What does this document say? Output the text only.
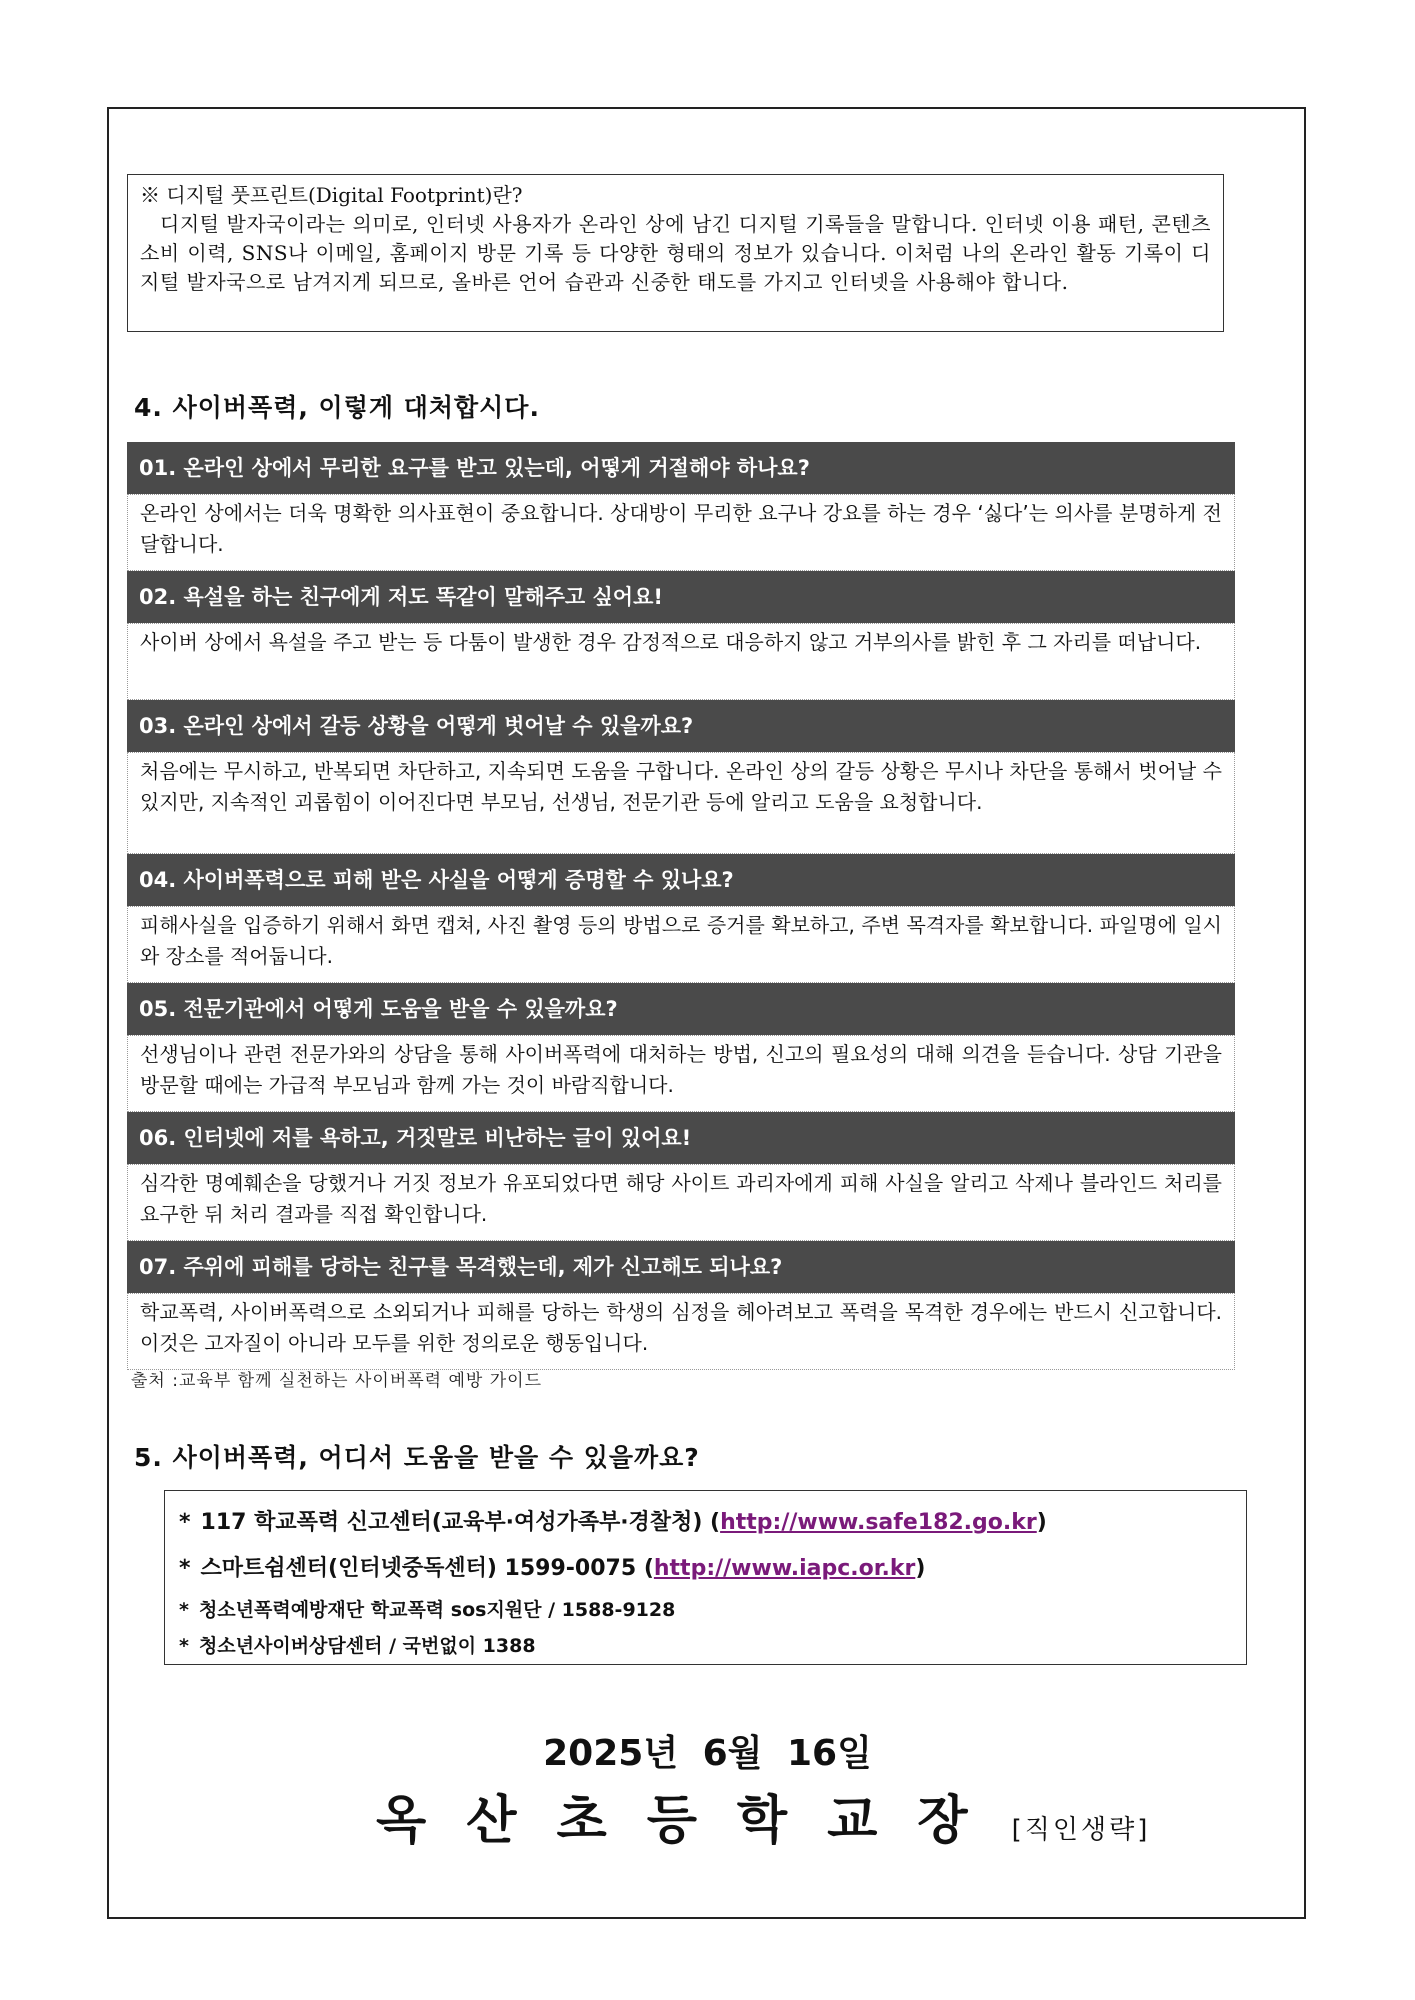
※ 디지털 풋프린트(Digital Footprint)란?
디지털 발자국이라는 의미로, 인터넷 사용자가 온라인 상에 남긴 디지털 기록들을 말합니다. 인터넷 이용 패턴, 콘텐츠 소비 이력, SNS나 이메일, 홈페이지 방문 기록 등 다양한 형태의 정보가 있습니다. 이처럼 나의 온라인 활동 기록이 디지털 발자국으로 남겨지게 되므로, 올바른 언어 습관과 신중한 태도를 가지고 인터넷을 사용해야 합니다.
4. 사이버폭력, 이렇게 대처합시다.
01. 온라인 상에서 무리한 요구를 받고 있는데, 어떻게 거절해야 하나요?
온라인 상에서는 더욱 명확한 의사표현이 중요합니다. 상대방이 무리한 요구나 강요를 하는 경우 ‘싫다’는 의사를 분명하게 전달합니다.
02. 욕설을 하는 친구에게 저도 똑같이 말해주고 싶어요!
사이버 상에서 욕설을 주고 받는 등 다툼이 발생한 경우 감정적으로 대응하지 않고 거부의사를 밝힌 후 그 자리를 떠납니다.
03. 온라인 상에서 갈등 상황을 어떻게 벗어날 수 있을까요?
처음에는 무시하고, 반복되면 차단하고, 지속되면 도움을 구합니다. 온라인 상의 갈등 상황은 무시나 차단을 통해서 벗어날 수 있지만, 지속적인 괴롭힘이 이어진다면 부모님, 선생님, 전문기관 등에 알리고 도움을 요청합니다.
04. 사이버폭력으로 피해 받은 사실을 어떻게 증명할 수 있나요?
피해사실을 입증하기 위해서 화면 캡쳐, 사진 촬영 등의 방법으로 증거를 확보하고, 주변 목격자를 확보합니다. 파일명에 일시와 장소를 적어둡니다.
05. 전문기관에서 어떻게 도움을 받을 수 있을까요?
선생님이나 관련 전문가와의 상담을 통해 사이버폭력에 대처하는 방법, 신고의 필요성의 대해 의견을 듣습니다. 상담 기관을 방문할 때에는 가급적 부모님과 함께 가는 것이 바람직합니다.
06. 인터넷에 저를 욕하고, 거짓말로 비난하는 글이 있어요!
심각한 명예훼손을 당했거나 거짓 정보가 유포되었다면 해당 사이트 과리자에게 피해 사실을 알리고 삭제나 블라인드 처리를 요구한 뒤 처리 결과를 직접 확인합니다.
07. 주위에 피해를 당하는 친구를 목격했는데, 제가 신고해도 되나요?
학교폭력, 사이버폭력으로 소외되거나 피해를 당하는 학생의 심정을 헤아려보고 폭력을 목격한 경우에는 반드시 신고합니다. 이것은 고자질이 아니라 모두를 위한 정의로운 행동입니다.
출처 :교육부 함께 실천하는 사이버폭력 예방 가이드
5. 사이버폭력, 어디서 도움을 받을 수 있을까요?
* 117 학교폭력 신고센터(교육부·여성가족부·경찰청) (http://www.safe182.go.kr)
* 스마트쉼센터(인터넷중독센터) 1599-0075 (http://www.iapc.or.kr)
* 청소년폭력예방재단 학교폭력 sos지원단 / 1588-9128
* 청소년사이버상담센터 / 국번없이 1388
2025년 6월 16일
옥산초등학교장 [직인생략]
